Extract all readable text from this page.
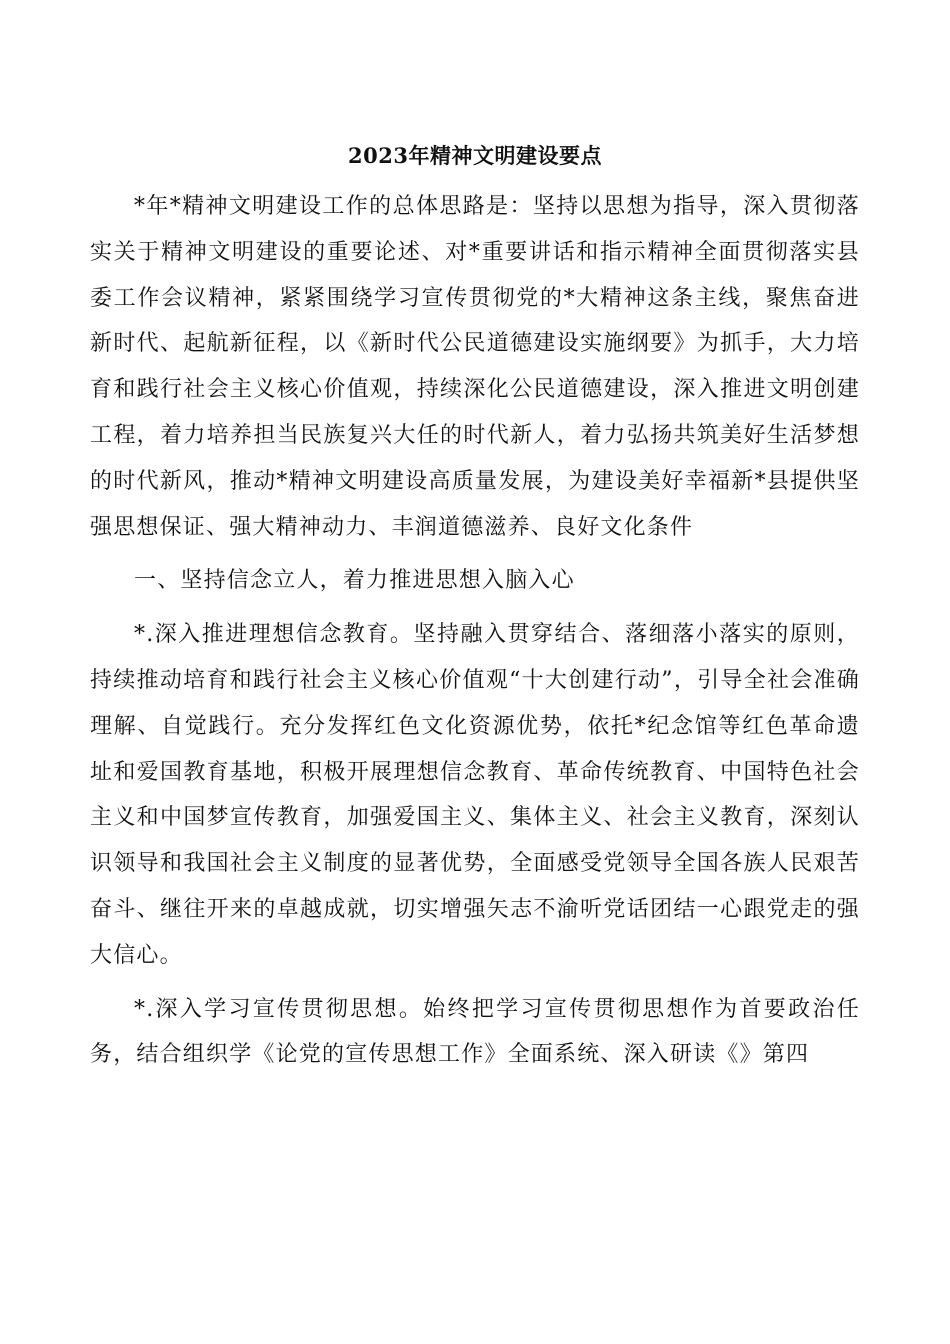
2023年精神文明建设要点

*年*精神文明建设工作的总体思路是：坚持以思想为指导，深入贯彻落实关于精神文明建设的重要论述、对*重要讲话和指示精神全面贯彻落实县委工作会议精神，紧紧围绕学习宣传贯彻党的*大精神这条主线，聚焦奋进新时代、起航新征程，以《新时代公民道德建设实施纲要》为抓手，大力培育和践行社会主义核心价值观，持续深化公民道德建设，深入推进文明创建工程，着力培养担当民族复兴大任的时代新人，着力弘扬共筑美好生活梦想的时代新风，推动*精神文明建设高质量发展，为建设美好幸福新*县提供坚强思想保证、强大精神动力、丰润道德滋养、良好文化条件

一、坚持信念立人，着力推进思想入脑入心

*.深入推进理想信念教育。坚持融入贯穿结合、落细落小落实的原则，持续推动培育和践行社会主义核心价值观“十大创建行动”，引导全社会准确理解、自觉践行。充分发挥红色文化资源优势，依托*纪念馆等红色革命遗址和爱国教育基地，积极开展理想信念教育、革命传统教育、中国特色社会主义和中国梦宣传教育，加强爱国主义、集体主义、社会主义教育，深刻认识领导和我国社会主义制度的显著优势，全面感受党领导全国各族人民艰苦奋斗、继往开来的卓越成就，切实增强矢志不渝听党话团结一心跟党走的强大信心。

*.深入学习宣传贯彻思想。始终把学习宣传贯彻思想作为首要政治任务，结合组织学《论党的宣传思想工作》全面系统、深入研读《》第四
